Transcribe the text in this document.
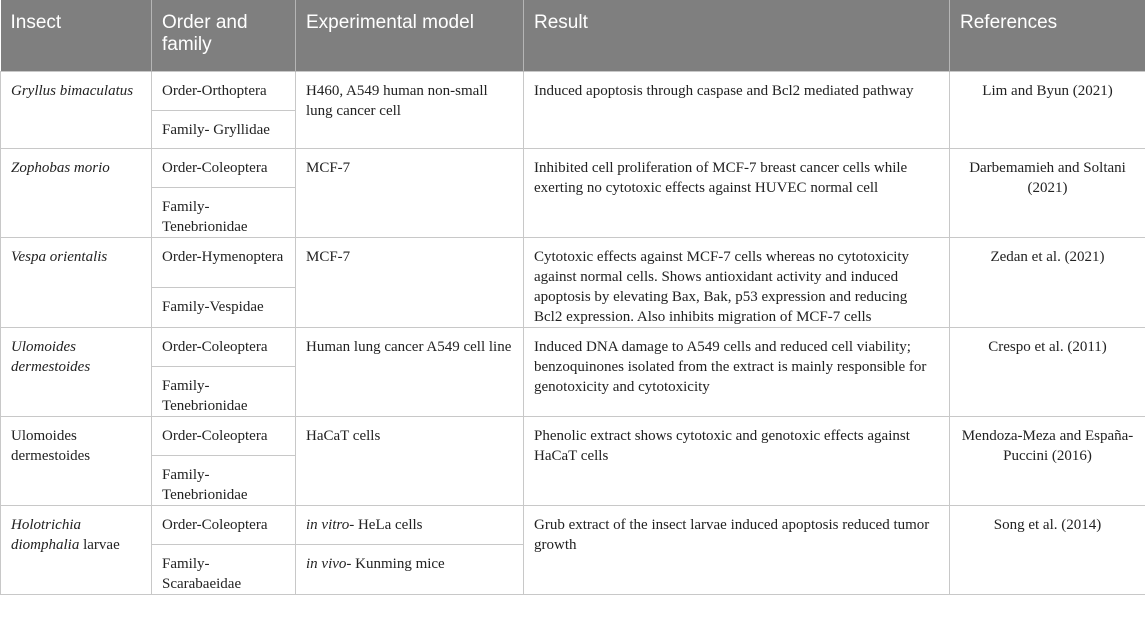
Insect	Order and family	Experimental model	Result	References
Gryllus bimaculatus	Order-Orthoptera	H460, A549 human non-small lung cancer cell	Induced apoptosis through caspase and Bcl2 mediated pathway	Lim and Byun (2021)
	Family- Gryllidae			
Zophobas morio	Order-Coleoptera	MCF-7	Inhibited cell proliferation of MCF-7 breast cancer cells while exerting no cytotoxic effects against HUVEC normal cell	Darbemamieh and Soltani (2021)
	Family-Tenebrionidae			
Vespa orientalis	Order-Hymenoptera	MCF-7	Cytotoxic effects against MCF-7 cells whereas no cytotoxicity against normal cells. Shows antioxidant activity and induced apoptosis by elevating Bax, Bak, p53 expression and reducing Bcl2 expression. Also inhibits migration of MCF-7 cells	Zedan et al. (2021)
	Family-Vespidae			
Ulomoides dermestoides	Order-Coleoptera	Human lung cancer A549 cell line	Induced DNA damage to A549 cells and reduced cell viability; benzoquinones isolated from the extract is mainly responsible for genotoxicity and cytotoxicity	Crespo et al. (2011)
	Family-Tenebrionidae			
Ulomoides dermestoides	Order-Coleoptera	HaCaT cells	Phenolic extract shows cytotoxic and genotoxic effects against HaCaT cells	Mendoza-Meza and España-Puccini (2016)
	Family-Tenebrionidae			
Holotrichia diomphalia larvae	Order-Coleoptera	in vitro- HeLa cells	Grub extract of the insect larvae induced apoptosis reduced tumor growth	Song et al. (2014)
	Family-Scarabaeidae	in vivo- Kunming mice		
